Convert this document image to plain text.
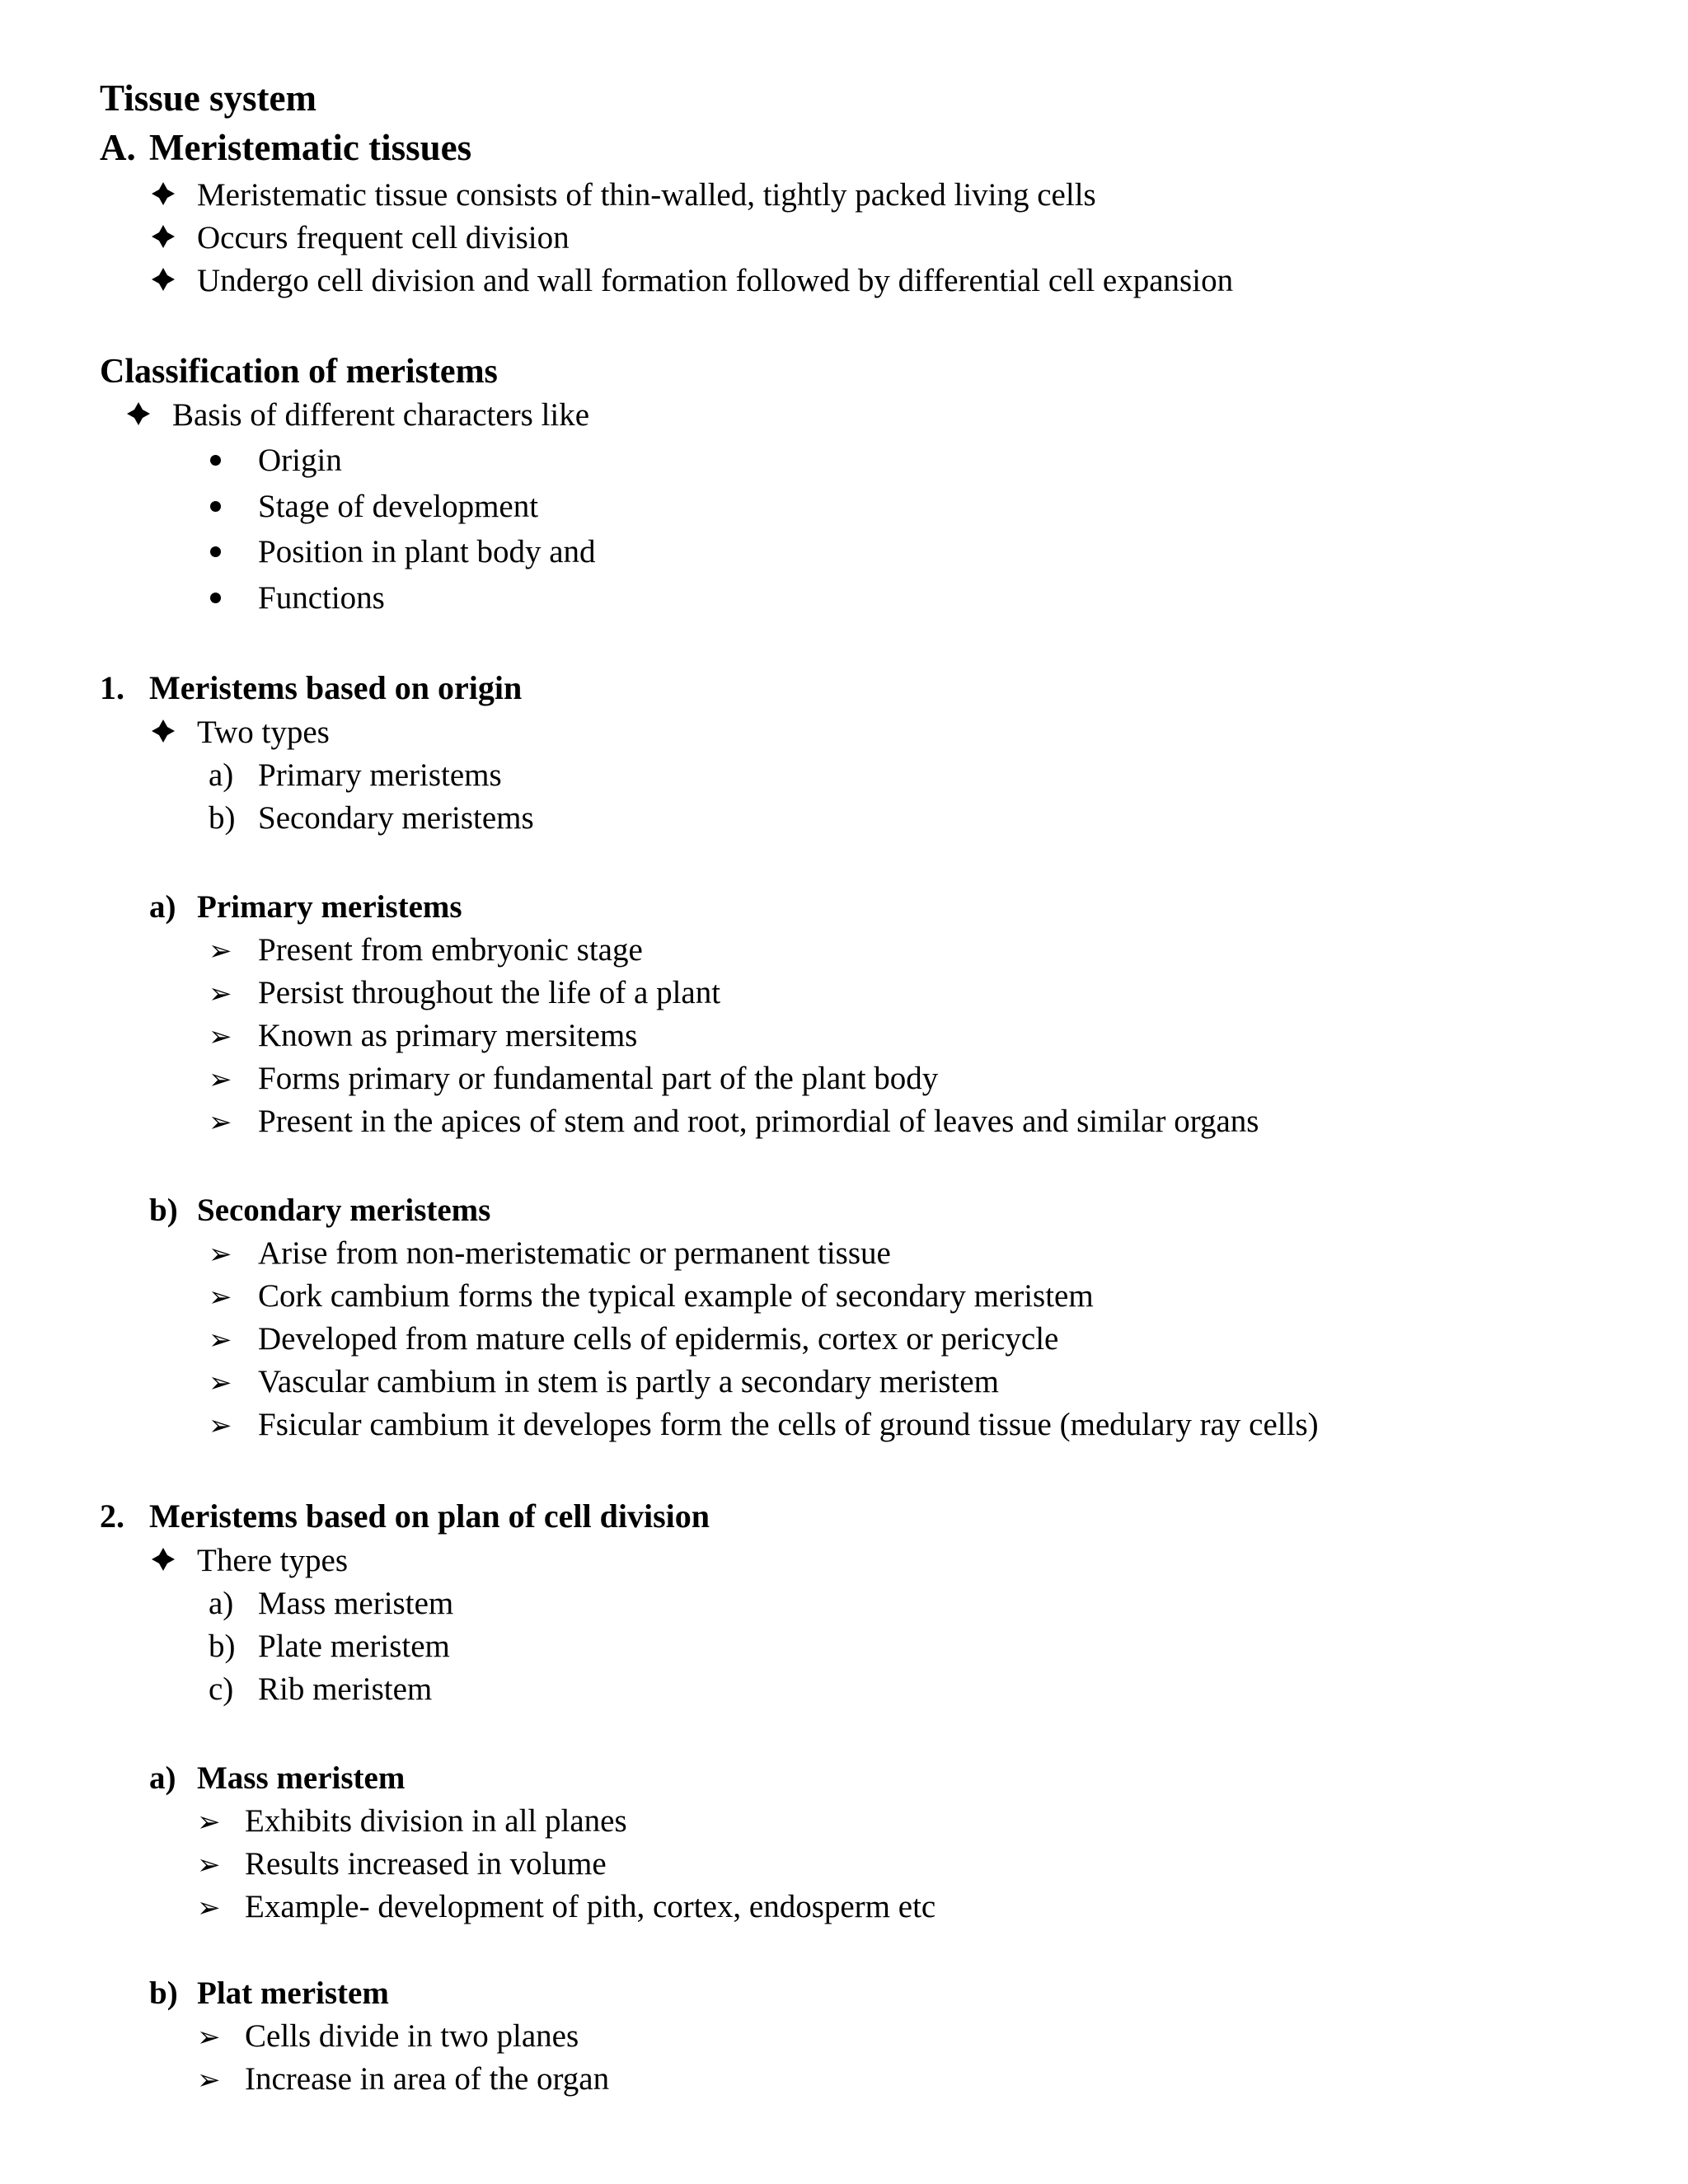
Tissue system
A. Meristematic tissues
Meristematic tissue consists of thin-walled, tightly packed living cells
Occurs frequent cell division
Undergo cell division and wall formation followed by differential cell expansion
Classification of meristems
Basis of different characters like
Origin
Stage of development
Position in plant body and
Functions
1. Meristems based on origin
Two types
a) Primary meristems
b) Secondary meristems
a) Primary meristems
➢ Present from embryonic stage
➢ Persist throughout the life of a plant
➢ Known as primary mersitems
➢ Forms primary or fundamental part of the plant body
➢ Present in the apices of stem and root, primordial of leaves and similar organs
b) Secondary meristems
➢ Arise from non-meristematic or permanent tissue
➢ Cork cambium forms the typical example of secondary meristem
➢ Developed from mature cells of epidermis, cortex or pericycle
➢ Vascular cambium in stem is partly a secondary meristem
➢ Fsicular cambium it developes form the cells of ground tissue (medulary ray cells)
2. Meristems based on plan of cell division
There types
a) Mass meristem
b) Plate meristem
c) Rib meristem
a) Mass meristem
➢ Exhibits division in all planes
➢ Results increased in volume
➢ Example- development of pith, cortex, endosperm etc
b) Plat meristem
➢ Cells divide in two planes
➢ Increase in area of the organ
